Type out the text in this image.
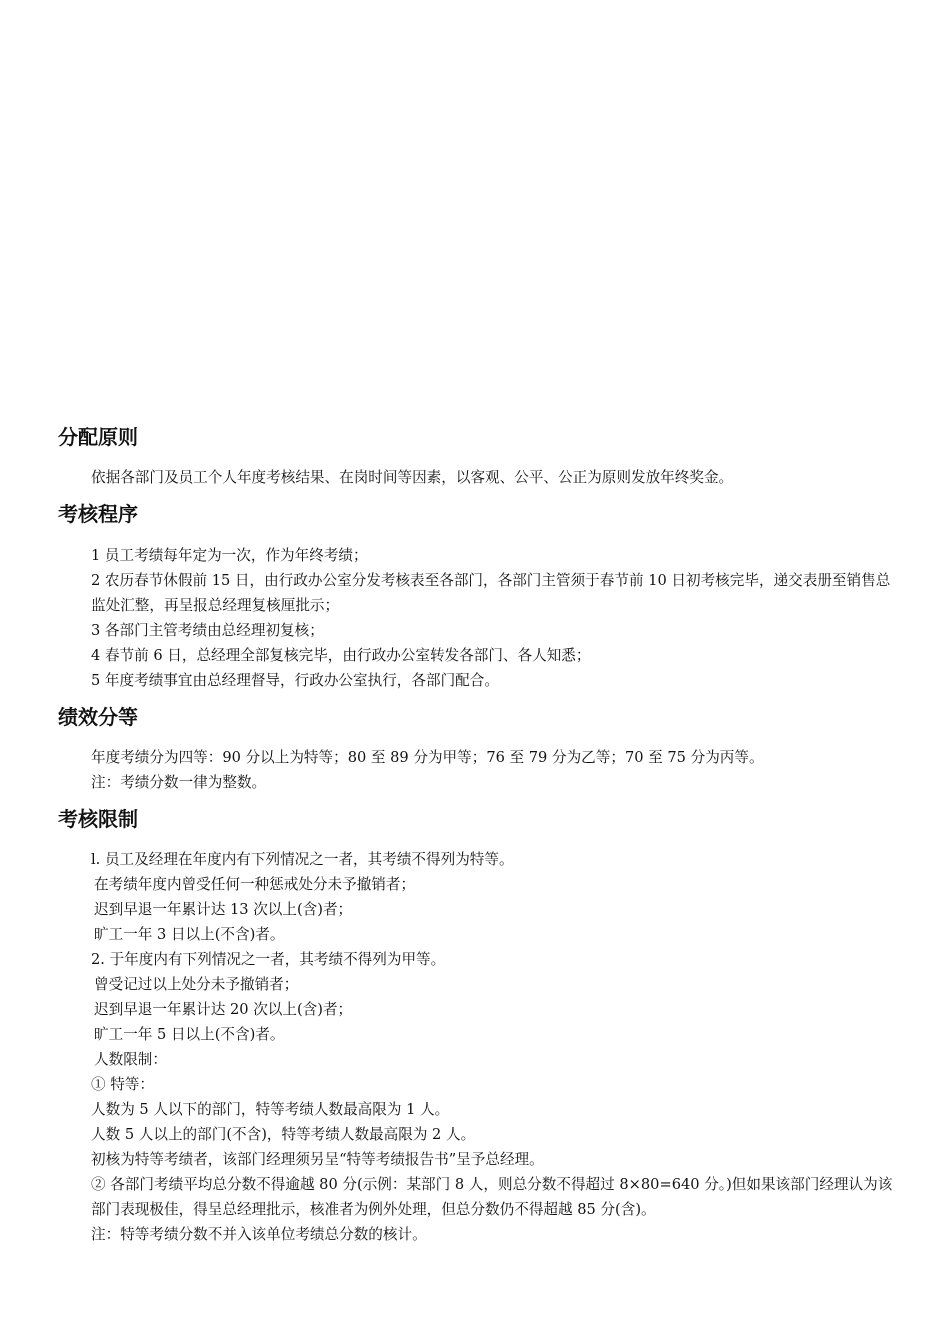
分配原则
依据各部门及员工个人年度考核结果、在岗时间等因素，以客观、公平、公正为原则发放年终奖金。
考核程序
1 员工考绩每年定为一次，作为年终考绩；
2 农历春节休假前 15 日，由行政办公室分发考核表至各部门，各部门主管须于春节前 10 日初考核完毕，递交表册至销售总监处汇整，再呈报总经理复核厘批示；
3 各部门主管考绩由总经理初复核；
4 春节前 6 日，总经理全部复核完毕，由行政办公室转发各部门、各人知悉；
5 年度考绩事宜由总经理督导，行政办公室执行，各部门配合。
绩效分等
年度考绩分为四等：90 分以上为特等；80 至 89 分为甲等；76 至 79 分为乙等；70 至 75 分为丙等。
注：考绩分数一律为整数。
考核限制
l. 员工及经理在年度内有下列情况之一者，其考绩不得列为特等。
在考绩年度内曾受任何一种惩戒处分未予撤销者；
迟到早退一年累计达 13 次以上(含)者；
旷工一年 3 日以上(不含)者。
2. 于年度内有下列情况之一者，其考绩不得列为甲等。
曾受记过以上处分未予撤销者；
迟到早退一年累计达 20 次以上(含)者；
旷工一年 5 日以上(不含)者。
人数限制：
① 特等：
人数为 5 人以下的部门，特等考绩人数最高限为 1 人。
人数 5 人以上的部门(不含)，特等考绩人数最高限为 2 人。
初核为特等考绩者，该部门经理须另呈“特等考绩报告书”呈予总经理。
② 各部门考绩平均总分数不得逾越 80 分(示例：某部门 8 人，则总分数不得超过 8×80=640 分。)但如果该部门经理认为该部门表现极佳，得呈总经理批示，核准者为例外处理，但总分数仍不得超越 85 分(含)。
注：特等考绩分数不并入该单位考绩总分数的核计。
